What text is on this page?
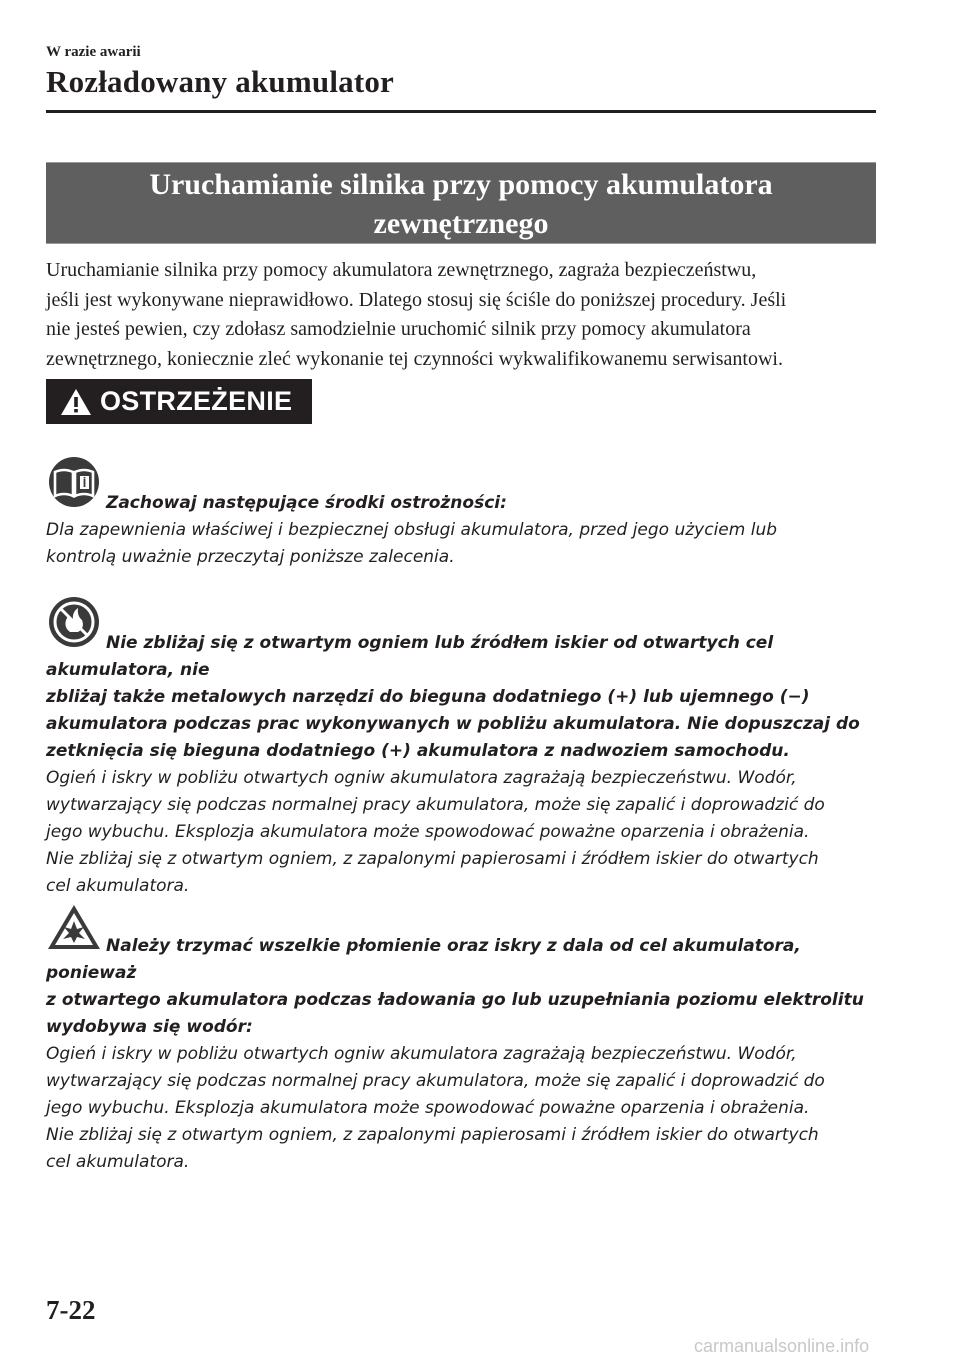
W razie awarii

Rozładowany akumulator
Uruchamianie silnika przy pomocy akumulatora
zewnętrznego

Uruchamianie silnika przy pomocy akumulatora zewnętrznego, zagraża bezpieczeństwu,
jeśli jest wykonywane nieprawidłowo. Dlatego stosuj się ściśle do poniższej procedury. Jeśli
nie jesteś pewien, czy zdołasz samodzielnie uruchomić silnik przy pomocy akumulatora
zewnętrznego, koniecznie zleć wykonanie tej czynności wykwalifikowanemu serwisantowi.

OSTRZEŻENIE

Zachowaj następujące środki ostrożności:

Dla zapewnienia właściwej i bezpiecznej obsługi akumulatora, przed jego użyciem lub

kontrolą uważnie przeczytaj poniższe zalecenia.

Nie zbliżaj się z otwartym ogniem lub źródłem iskier od otwartych cel akumulatora, nie

zbliżaj także metalowych narzędzi do bieguna dodatniego (+) lub ujemnego (−)

akumulatora podczas prac wykonywanych w pobliżu akumulatora. Nie dopuszczaj do

zetknięcia się bieguna dodatniego (+) akumulatora z nadwoziem samochodu.

Ogień i iskry w pobliżu otwartych ogniw akumulatora zagrażają bezpieczeństwu. Wodór,

wytwarzający się podczas normalnej pracy akumulatora, może się zapalić i doprowadzić do

jego wybuchu. Eksplozja akumulatora może spowodować poważne oparzenia i obrażenia.

Nie zbliżaj się z otwartym ogniem, z zapalonymi papierosami i źródłem iskier do otwartych

cel akumulatora.

Należy trzymać wszelkie płomienie oraz iskry z dala od cel akumulatora, ponieważ

z otwartego akumulatora podczas ładowania go lub uzupełniania poziomu elektrolitu

wydobywa się wodór:

Ogień i iskry w pobliżu otwartych ogniw akumulatora zagrażają bezpieczeństwu. Wodór,

wytwarzający się podczas normalnej pracy akumulatora, może się zapalić i doprowadzić do

jego wybuchu. Eksplozja akumulatora może spowodować poważne oparzenia i obrażenia.

Nie zbliżaj się z otwartym ogniem, z zapalonymi papierosami i źródłem iskier do otwartych

cel akumulatora.

7-22

carmanualsonline.info
